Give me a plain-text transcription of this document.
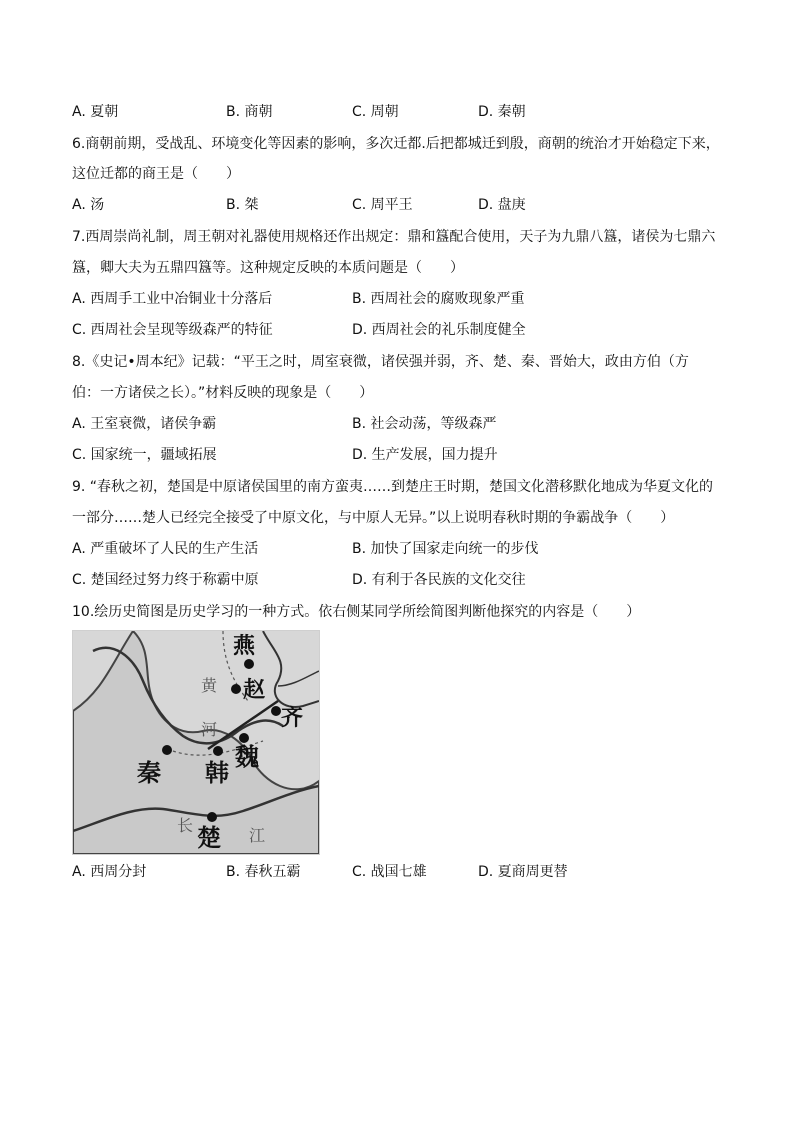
A. 夏朝	B. 商朝	C. 周朝	D. 秦朝
6.商朝前期，受战乱、环境变化等因素的影响，多次迁都.后把都城迁到殷，商朝的统治才开始稳定下来，
这位迁都的商王是（　　）
A. 汤	B. 桀	C. 周平王	D. 盘庚
7.西周崇尚礼制，周王朝对礼器使用规格还作出规定：鼎和簋配合使用，天子为九鼎八簋，诸侯为七鼎六
簋，卿大夫为五鼎四簋等。这种规定反映的本质问题是（　　）
A. 西周手工业中冶铜业十分落后	B. 西周社会的腐败现象严重
C. 西周社会呈现等级森严的特征	D. 西周社会的礼乐制度健全
8.《史记•周本纪》记载：“平王之时，周室衰微，诸侯强并弱，齐、楚、秦、晋始大，政由方伯（方
伯：一方诸侯之长）。”材料反映的现象是（　　）
A. 王室衰微，诸侯争霸	B. 社会动荡，等级森严
C. 国家统一，疆域拓展	D. 生产发展，国力提升
9. “春秋之初，楚国是中原诸侯国里的南方蛮夷……到楚庄王时期，楚国文化潜移默化地成为华夏文化的
一部分……楚人已经完全接受了中原文化，与中原人无异。”以上说明春秋时期的争霸战争（　　）
A. 严重破坏了人民的生产生活	B. 加快了国家走向统一的步伐
C. 楚国经过努力终于称霸中原	D. 有利于各民族的文化交往
10.绘历史简图是历史学习的一种方式。依右侧某同学所绘简图判断他探究的内容是（　　）
燕
赵
齐
魏
秦 韩
楚
黄
河
长
江
A. 西周分封	B. 春秋五霸	C. 战国七雄	D. 夏商周更替
